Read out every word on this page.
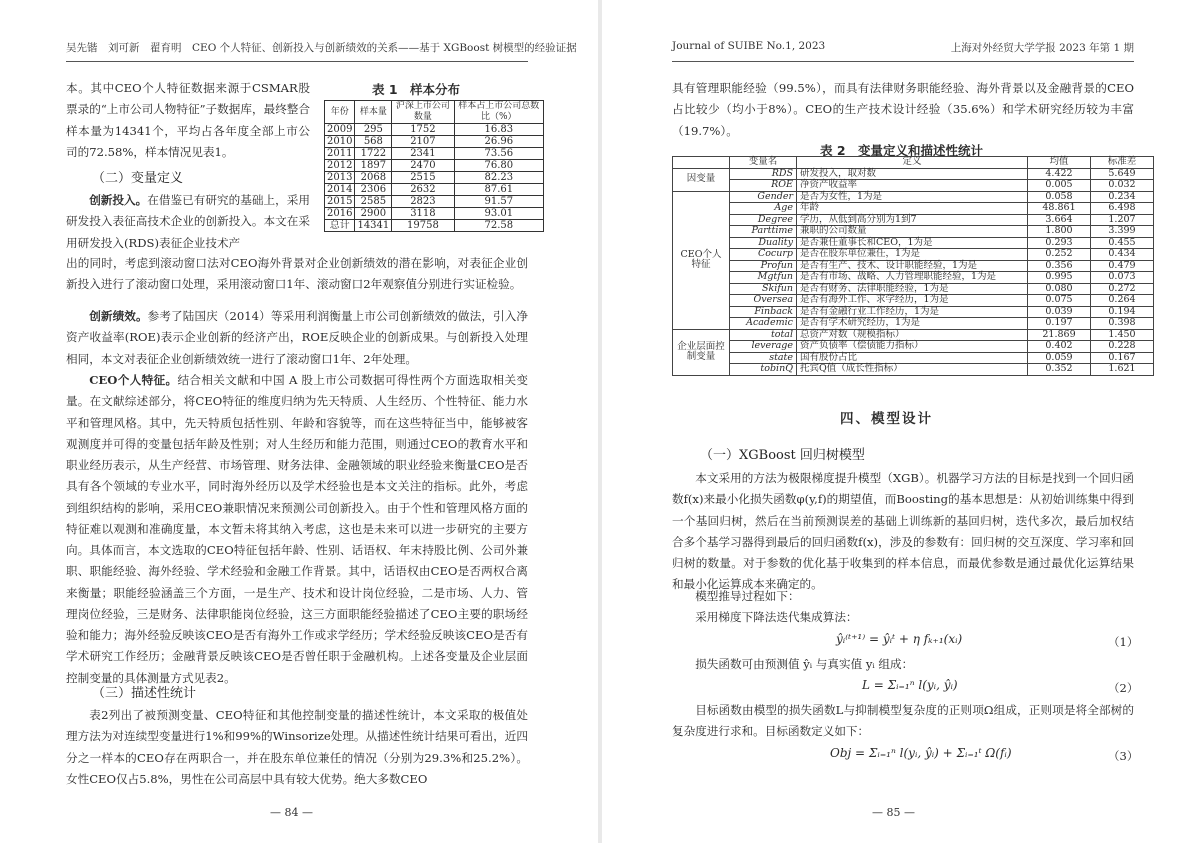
吴先锴　刘可新　翟育明　CEO 个人特征、创新投入与创新绩效的关系——基于 XGBoost 树模型的经验证据

本。其中CEO个人特征数据来源于CSMAR股票录的“上市公司人物特征”子数据库，最终整合样本量为14341个，平均占各年度全部上市公司的72.58%，样本情况见表1。

表 1　样本分布
年份	样本量	沪深上市公司数量	样本占上市公司总数比（%）
2009	295	1752	16.83
2010	568	2107	26.96
2011	1722	2341	73.56
2012	1897	2470	76.80
2013	2068	2515	82.23
2014	2306	2632	87.61
2015	2585	2823	91.57
2016	2900	3118	93.01
总计	14341	19758	72.58
（二）变量定义

创新投入。在借鉴已有研究的基础上，采用研发投入表征高技术企业的创新投入。本文在采用研发投入(RDS)表征企业技术产

出的同时，考虑到滚动窗口法对CEO海外背景对企业创新绩效的潜在影响，对表征企业创新投入进行了滚动窗口处理，采用滚动窗口1年、滚动窗口2年观察值分别进行实证检验。

创新绩效。参考了陆国庆（2014）等采用利润衡量上市公司创新绩效的做法，引入净资产收益率(ROE)表示企业创新的经济产出，ROE反映企业的创新成果。与创新投入处理相同，本文对表征企业创新绩效统一进行了滚动窗口1年、2年处理。

CEO个人特征。结合相关文献和中国 A 股上市公司数据可得性两个方面选取相关变量。在文献综述部分，将CEO特征的维度归纳为先天特质、人生经历、个性特征、能力水平和管理风格。其中，先天特质包括性别、年龄和容貌等，而在这些特征当中，能够被客观测度并可得的变量包括年龄及性别；对人生经历和能力范围，则通过CEO的教育水平和职业经历表示，从生产经营、市场管理、财务法律、金融领域的职业经验来衡量CEO是否具有各个领域的专业水平，同时海外经历以及学术经验也是本文关注的指标。此外，考虑到组织结构的影响，采用CEO兼职情况来预测公司创新投入。由于个性和管理风格方面的特征难以观测和准确度量，本文暂未将其纳入考虑，这也是未来可以进一步研究的主要方向。 具体而言，本文选取的CEO特征包括年龄、性别、话语权、年末持股比例、公司外兼职、职能经验、海外经验、学术经验和金融工作背景。其中，话语权由CEO是否两权合离来衡量；职能经验涵盖三个方面，一是生产、技术和设计岗位经验，二是市场、人力、管理岗位经验，三是财务、法律职能岗位经验，这三方面职能经验描述了CEO主要的职场经验和能力；海外经验反映该CEO是否有海外工作或求学经历；学术经验反映该CEO是否有学术研究工作经历；金融背景反映该CEO是否曾任职于金融机构。上述各变量及企业层面控制变量的具体测量方式见表2。

（三）描述性统计

表2列出了被预测变量、CEO特征和其他控制变量的描述性统计，本文采取的极值处理方法为对连续型变量进行1%和99%的Winsorize处理。从描述性统计结果可看出，近四分之一样本的CEO存在两职合一，并在股东单位兼任的情况（分别为29.3%和25.2%）。女性CEO仅占5.8%，男性在公司高层中具有较大优势。绝大多数CEO

— 84 —
Journal of SUIBE No.1, 2023	上海对外经贸大学学报 2023 年第 1 期

具有管理职能经验（99.5%），而具有法律财务职能经验、海外背景以及金融背景的CEO占比较少（均小于8%）。CEO的生产技术设计经验（35.6%）和学术研究经历较为丰富（19.7%）。

表 2　变量定义和描述性统计
	变量名	定义	均值	标准差
因变量	RDS	研发投入，取对数	4.422	5.649
	ROE	净资产收益率	0.005	0.032
CEO个人特征	Gender	是否为女性，1为是	0.058	0.234
	Age	年龄	48.861	6.498
	Degree	学历，从低到高分别为1到7	3.664	1.207
	Parttime	兼职的公司数量	1.800	3.399
	Duality	是否兼任董事长和CEO，1为是	0.293	0.455
	Cocurp	是否在股东单位兼任，1为是	0.252	0.434
	Profun	是否有生产、技术、设计职能经验，1为是	0.356	0.479
	Mgtfun	是否有市场、战略、人力管理职能经验，1为是	0.995	0.073
	Skifun	是否有财务、法律职能经验，1为是	0.080	0.272
	Oversea	是否有海外工作、求学经历，1为是	0.075	0.264
	Finback	是否有金融行业工作经历，1为是	0.039	0.194
	Academic	是否有学术研究经历，1为是	0.197	0.398
企业层面控制变量	total	总资产对数（规模指标）	21.869	1.450
	leverage	资产负债率（偿债能力指标）	0.402	0.228
	state	国有股份占比	0.059	0.167
	tobinQ	托宾Q值（成长性指标）	0.352	1.621
四、模型设计
（一）XGBoost 回归树模型

本文采用的方法为极限梯度提升模型（XGB）。机器学习方法的目标是找到一个回归函数f(x)来最小化损失函数φ(y,f)的期望值，而Boosting的基本思想是：从初始训练集中得到一个基回归树，然后在当前预测误差的基础上训练新的基回归树，迭代多次，最后加权结合多个基学习器得到最后的回归函数f(x)，涉及的参数有：回归树的交互深度、学习率和回归树的数量。对于参数的优化基于收集到的样本信息，而最优参数是通过最优化运算结果和最小化运算成本来确定的。

模型推导过程如下：

采用梯度下降法迭代集成算法：

ŷᵢ⁽ᵗ⁺¹⁾ = ŷᵢᵗ + η fₖ₊₁(xᵢ)	（1）

损失函数可由预测值 ŷᵢ 与真实值 yᵢ 组成：

L = Σᵢ₌₁ⁿ l(yᵢ, ŷᵢ)	（2）

目标函数由模型的损失函数L与抑制模型复杂度的正则项Ω组成，正则项是将全部树的复杂度进行求和。目标函数定义如下：

Obj = Σᵢ₌₁ⁿ l(yᵢ, ŷᵢ) + Σᵢ₌₁ᵗ Ω(fᵢ)	（3）
— 85 —
